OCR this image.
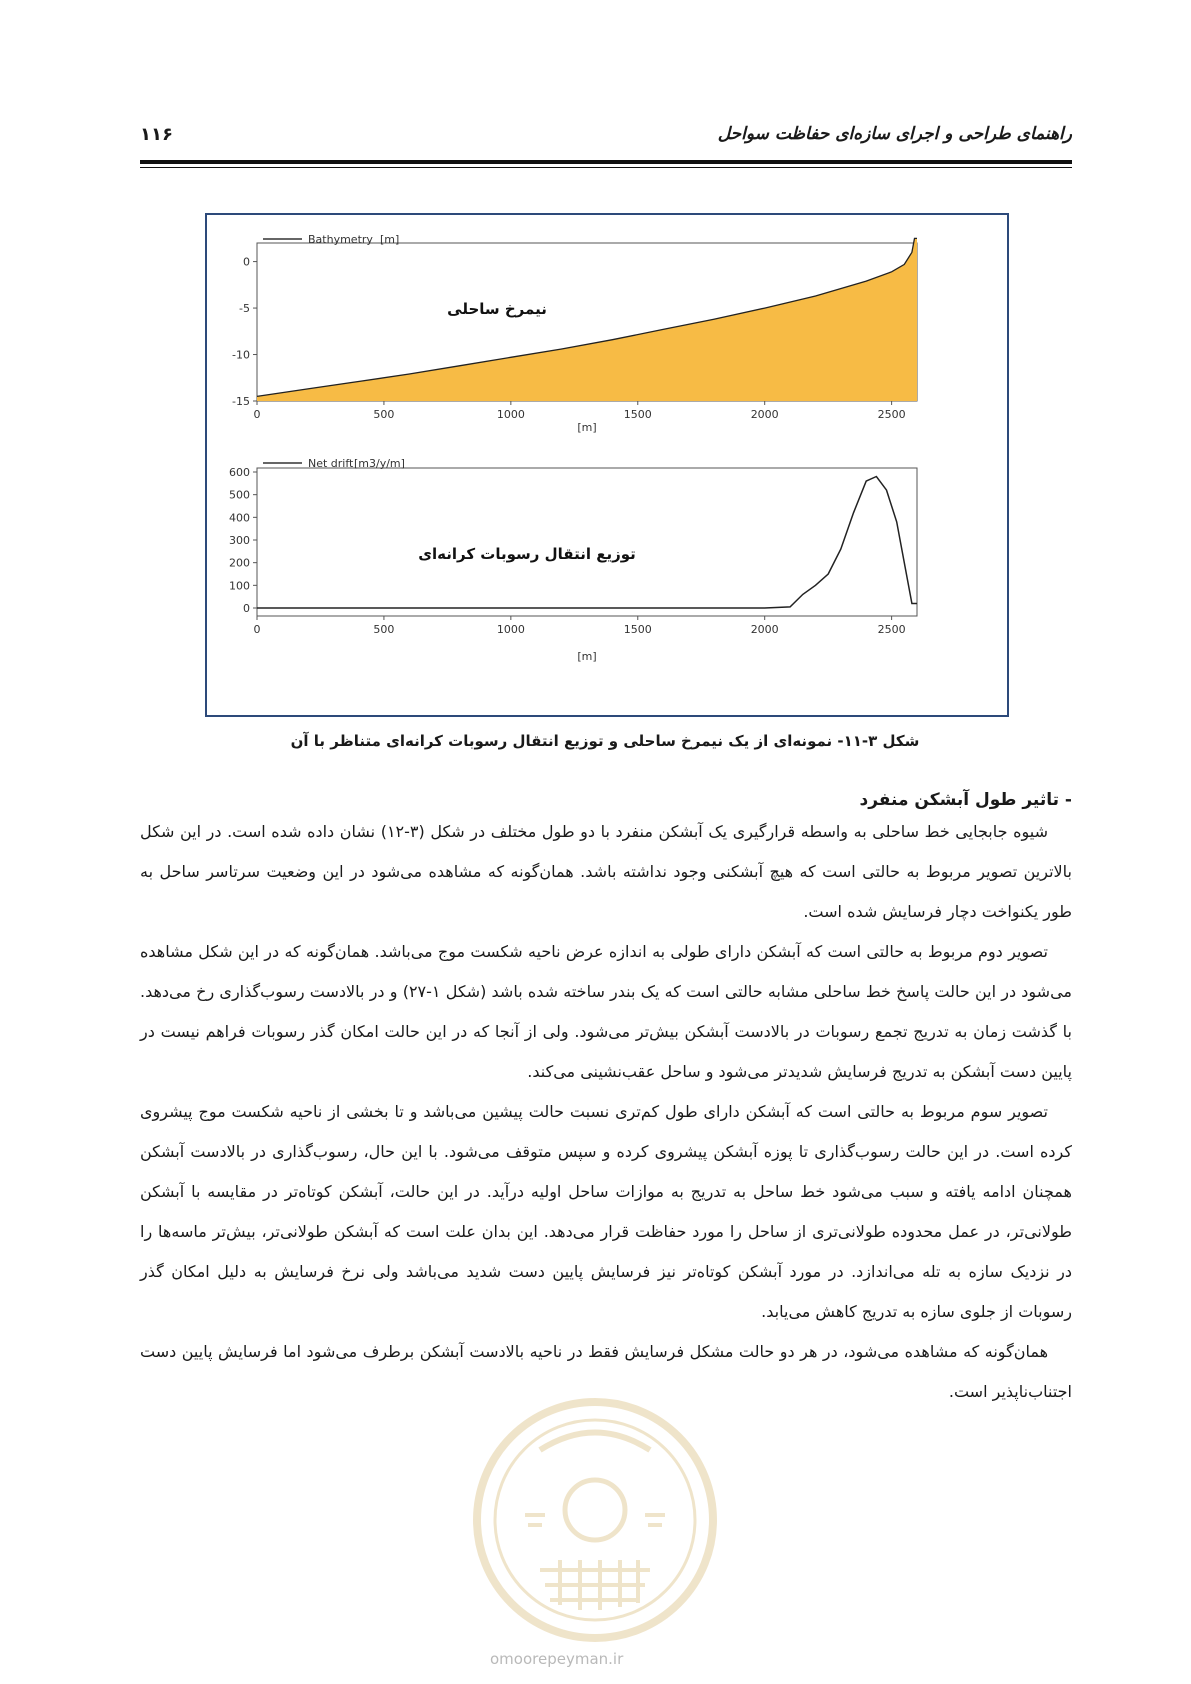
راهنمای طراحی و اجرای سازه‌ای حفاظت سواحل
۱۱۶
Bathymetry [m]
نیمرخ ساحلی
0
-5
-10
-15
0	500	1000	1500	2000	2500
[m]
Net drift [m3/y/m]
توزیع انتقال رسوبات کرانه‌ای
600
500
400
300
200
100
0
0	500	1000	1500	2000	2500
[m]
شکل ۳-۱۱- نمونه‌ای از یک نیمرخ ساحلی و توزیع انتقال رسوبات کرانه‌ای متناظر با آن
- تاثیر طول آبشکن منفرد

شیوه جابجایی خط ساحلی به واسطه قرارگیری یک آبشکن منفرد با دو طول مختلف در شکل (۳-۱۲) نشان داده شده است. در این شکل بالاترین تصویر مربوط به حالتی است که هیچ آبشکنی وجود نداشته باشد. همان‌گونه که مشاهده می‌شود در این وضعیت سرتاسر ساحل به طور یکنواخت دچار فرسایش شده است.

تصویر دوم مربوط به حالتی است که آبشکن دارای طولی به اندازه عرض ناحیه شکست موج می‌باشد. همان‌گونه که در این شکل مشاهده می‌شود در این حالت پاسخ خط ساحلی مشابه حالتی است که یک بندر ساخته شده باشد (شکل ۱-۲۷) و در بالادست رسوب‌گذاری رخ می‌دهد. با گذشت زمان به تدریج تجمع رسوبات در بالادست آبشکن بیش‌تر می‌شود. ولی از آنجا که در این حالت امکان گذر رسوبات فراهم نیست در پایین دست آبشکن به تدریج فرسایش شدیدتر می‌شود و ساحل عقب‌نشینی می‌کند.

تصویر سوم مربوط به حالتی است که آبشکن دارای طول کم‌تری نسبت حالت پیشین می‌باشد و تا بخشی از ناحیه شکست موج پیشروی کرده است. در این حالت رسوب‌گذاری تا پوزه آبشکن پیشروی کرده و سپس متوقف می‌شود. با این حال، رسوب‌گذاری در بالادست آبشکن همچنان ادامه یافته و سبب می‌شود خط ساحل به تدریج به موازات ساحل اولیه درآید. در این حالت، آبشکن کوتاه‌تر در مقایسه با آبشکن طولانی‌تر، در عمل محدوده طولانی‌تری از ساحل را مورد حفاظت قرار می‌دهد. این بدان علت است که آبشکن طولانی‌تر، بیش‌تر ماسه‌ها را در نزدیک سازه به تله می‌اندازد. در مورد آبشکن کوتاه‌تر نیز فرسایش پایین دست شدید می‌باشد ولی نرخ فرسایش به دلیل امکان گذر رسوبات از جلوی سازه به تدریج کاهش می‌یابد.

همان‌گونه که مشاهده می‌شود، در هر دو حالت مشکل فرسایش فقط در ناحیه بالادست آبشکن برطرف می‌شود اما فرسایش پایین دست اجتناب‌ناپذیر است.

omoorepeyman.ir
